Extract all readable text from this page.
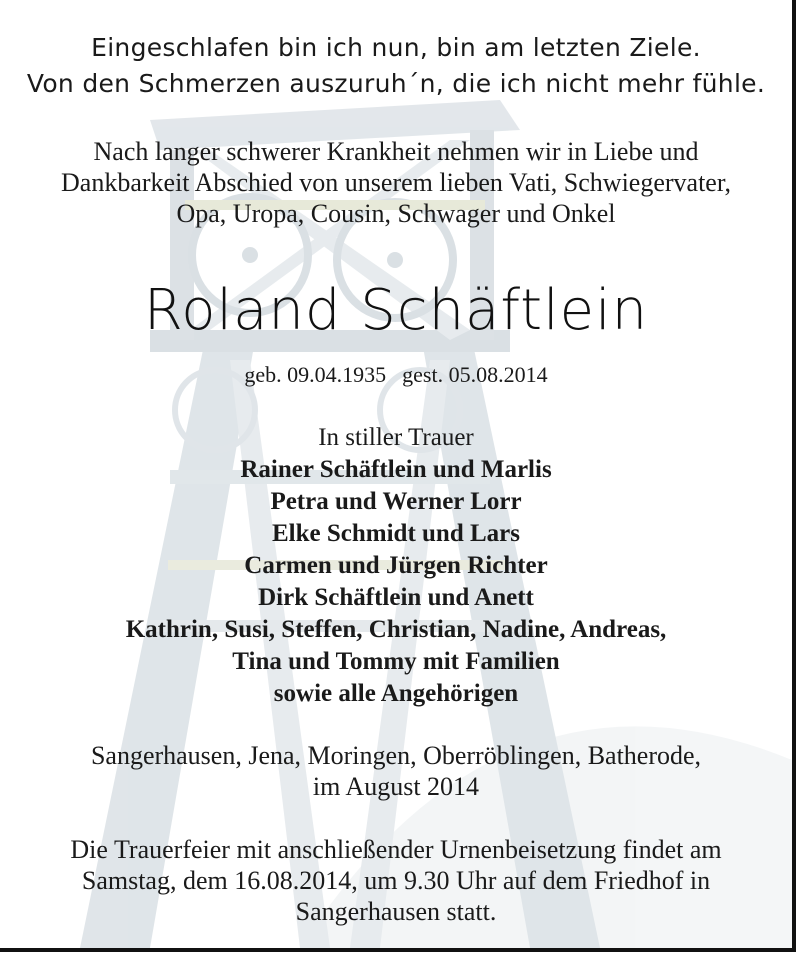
Eingeschlafen bin ich nun, bin am letzten Ziele.
Von den Schmerzen auszuruh´n, die ich nicht mehr fühle.
Nach langer schwerer Krankheit nehmen wir in Liebe und
Dankbarkeit Abschied von unserem lieben Vati, Schwiegervater,
Opa, Uropa, Cousin, Schwager und Onkel
Roland Schäftlein
geb. 09.04.1935 gest. 05.08.2014
In stiller Trauer
Rainer Schäftlein und Marlis
Petra und Werner Lorr
Elke Schmidt und Lars
Carmen und Jürgen Richter
Dirk Schäftlein und Anett
Kathrin, Susi, Steffen, Christian, Nadine, Andreas,
Tina und Tommy mit Familien
sowie alle Angehörigen
Sangerhausen, Jena, Moringen, Oberröblingen, Batherode,
im August 2014
Die Trauerfeier mit anschließender Urnenbeisetzung findet am
Samstag, dem 16.08.2014, um 9.30 Uhr auf dem Friedhof in
Sangerhausen statt.
